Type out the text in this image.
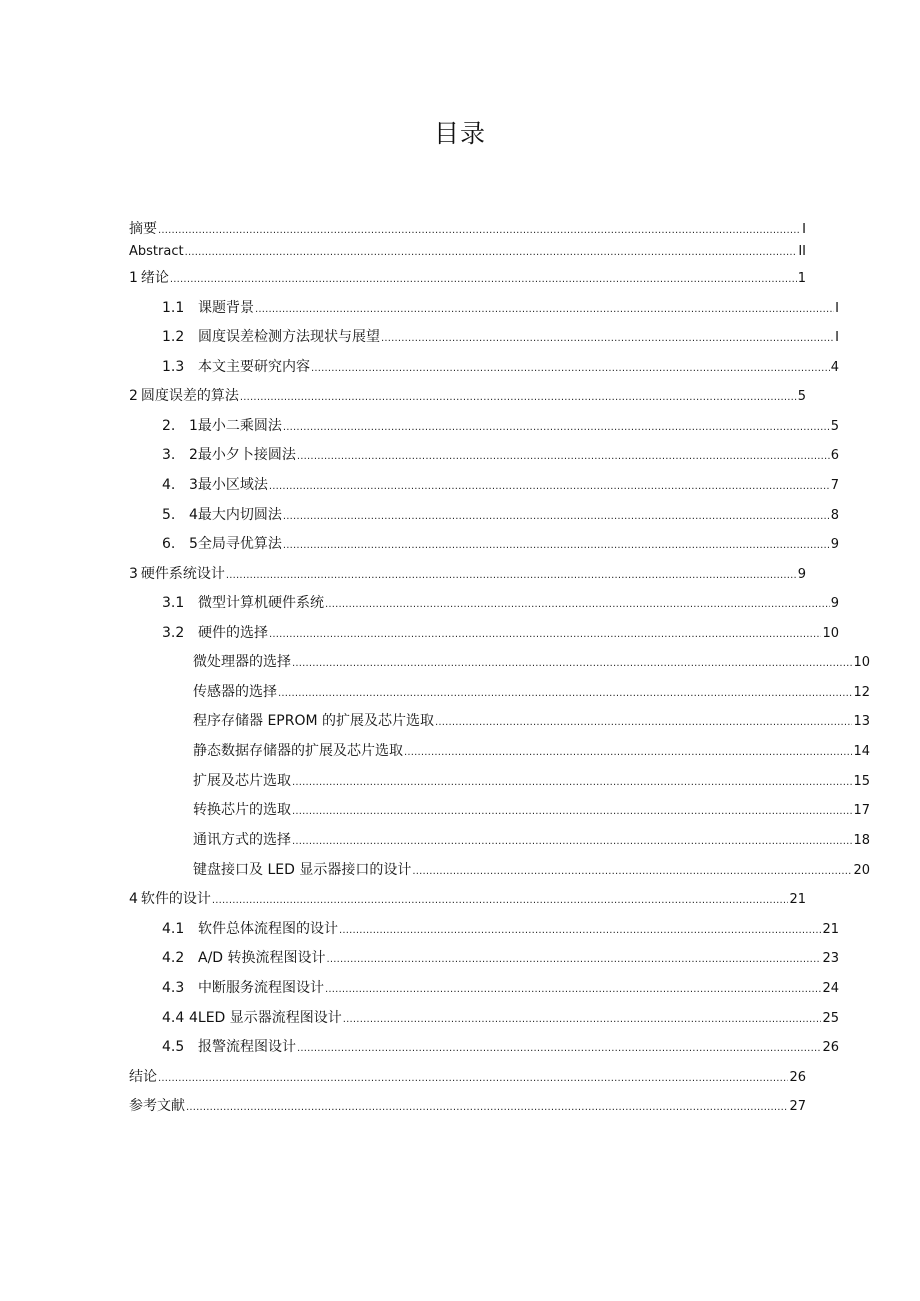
目录
摘要 .....	I
Abstract .....	II
1 绪论 .....	1
1.1 课题背景 .....	I
1.2 圆度误差检测方法现状与展望 .....	I
1.3 本文主要研究内容 .....	4
2 圆度误差的算法 .....	5
2. 1最小二乘圆法 .....	5
3. 2最小夕卜接圆法 .....	6
4. 3最小区域法 .....	7
5. 4最大内切圆法 .....	8
6. 5全局寻优算法 .....	9
3 硬件系统设计 .....	9
3.1 微型计算机硬件系统 .....	9
3.2 硬件的选择 .....	10
微处理器的选择 .....	10
传感器的选择 .....	12
程序存储器 EPROM 的扩展及芯片选取 .....	13
静态数据存储器的扩展及芯片选取 .....	14
扩展及芯片选取 .....	15
转换芯片的选取 .....	17
通讯方式的选择 .....	18
键盘接口及 LED 显示器接口的设计 .....	20
4 软件的设计 .....	21
4.1 软件总体流程图的设计 .....	21
4.2 A/D 转换流程图设计 .....	23
4.3 中断服务流程图设计 .....	24
4.4 4LED 显示器流程图设计 .....	25
4.5 报警流程图设计 .....	26
结论 .....	26
参考文献 .....	27
